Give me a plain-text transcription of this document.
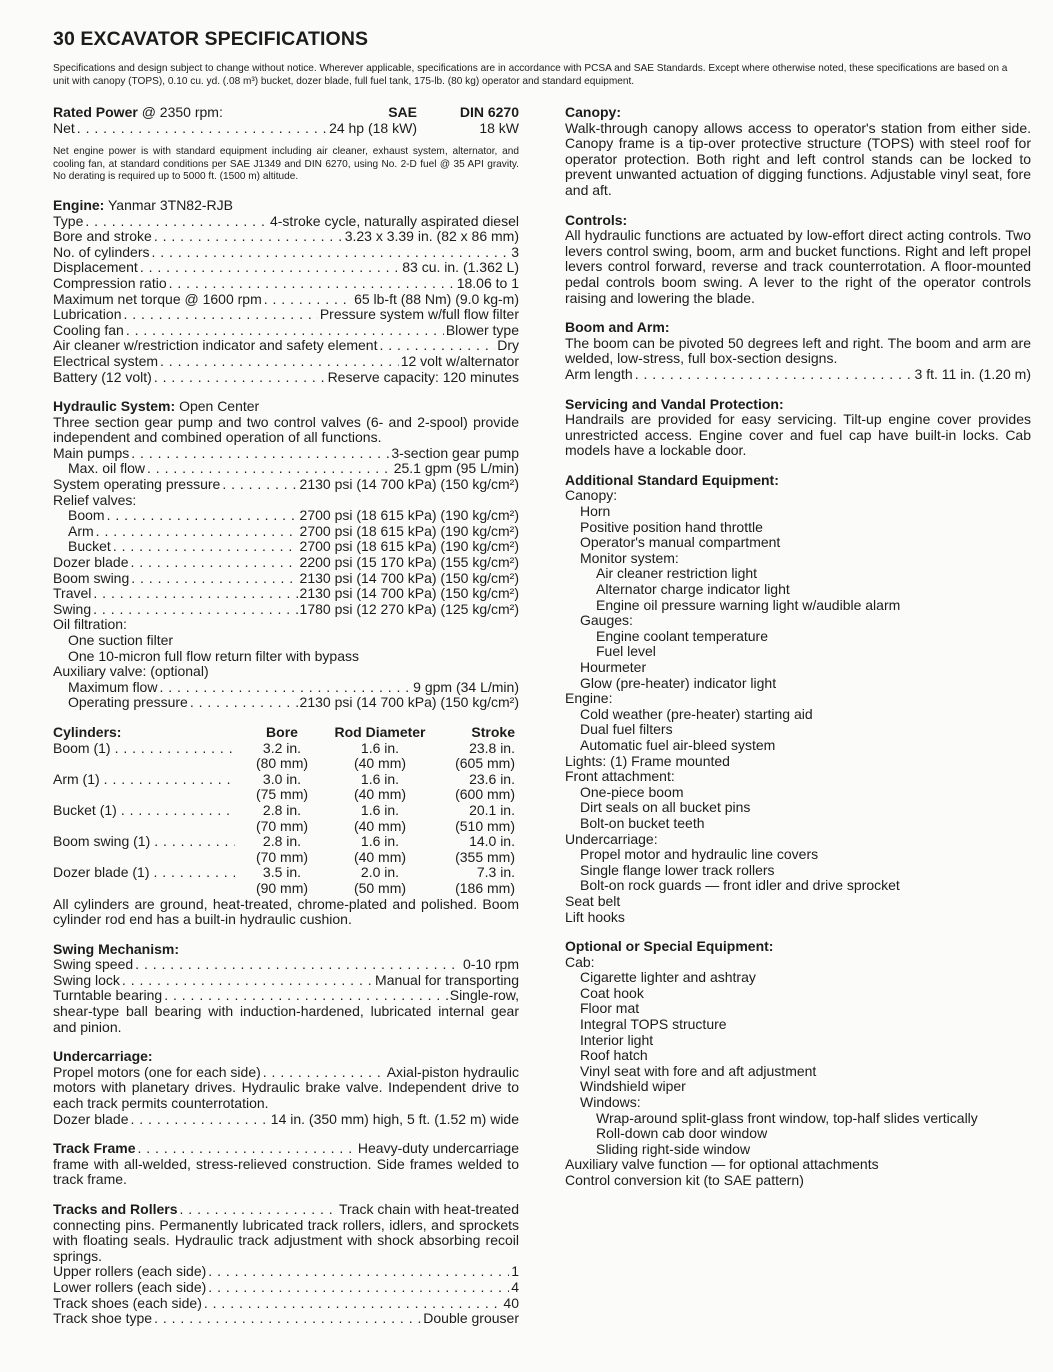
30 EXCAVATOR SPECIFICATIONS
Specifications and design subject to change without notice. Wherever applicable, specifications are in accordance with PCSA and SAE Standards. Except where otherwise noted, these specifications are based on a unit with canopy (TOPS), 0.10 cu. yd. (.08 m³) bucket, dozer blade, full fuel tank, 175-lb. (80 kg) operator and standard equipment.
Rated Power @ 2350 rpm:	SAE	DIN 6270
Net . . .	24 hp (18 kW)	18 kW
Net engine power is with standard equipment including air cleaner, exhaust system, alternator, and cooling fan, at standard conditions per SAE J1349 and DIN 6270, using No. 2-D fuel @ 35 API gravity. No derating is required up to 5000 ft. (1500 m) altitude.
Engine: Yanmar 3TN82-RJB
Type . . .	4-stroke cycle, naturally aspirated diesel
Bore and stroke . . .	3.23 x 3.39 in. (82 x 86 mm)
No. of cylinders . . .	3
Displacement . . .	83 cu. in. (1.362 L)
Compression ratio . . .	18.06 to 1
Maximum net torque @ 1600 rpm . . .	65 lb-ft (88 Nm) (9.0 kg-m)
Lubrication . . .	Pressure system w/full flow filter
Cooling fan . . .	Blower type
Air cleaner w/restriction indicator and safety element . . .	Dry
Electrical system . . .	12 volt w/alternator
Battery (12 volt) . . .	Reserve capacity: 120 minutes
Hydraulic System: Open Center
Three section gear pump and two control valves (6- and 2-spool) provide independent and combined operation of all functions.
Main pumps . . .	3-section gear pump
Max. oil flow . . .	25.1 gpm (95 L/min)
System operating pressure . . .	2130 psi (14 700 kPa) (150 kg/cm²)
Relief valves:
Boom . . .	2700 psi (18 615 kPa) (190 kg/cm²)
Arm . . .	2700 psi (18 615 kPa) (190 kg/cm²)
Bucket . . .	2700 psi (18 615 kPa) (190 kg/cm²)
Dozer blade . . .	2200 psi (15 170 kPa) (155 kg/cm²)
Boom swing . . .	2130 psi (14 700 kPa) (150 kg/cm²)
Travel . . .	2130 psi (14 700 kPa) (150 kg/cm²)
Swing . . .	1780 psi (12 270 kPa) (125 kg/cm²)
Oil filtration:
One suction filter
One 10-micron full flow return filter with bypass
Auxiliary valve: (optional)
Maximum flow . . .	9 gpm (34 L/min)
Operating pressure . . .	2130 psi (14 700 kPa) (150 kg/cm²)
Cylinders:	Bore	Rod Diameter	Stroke
Boom (1) . . .	3.2 in.	1.6 in.	23.8 in.
(80 mm)	(40 mm)	(605 mm)
Arm (1) . . .	3.0 in.	1.6 in.	23.6 in.
(75 mm)	(40 mm)	(600 mm)
Bucket (1) . . .	2.8 in.	1.6 in.	20.1 in.
(70 mm)	(40 mm)	(510 mm)
Boom swing (1) . . .	2.8 in.	1.6 in.	14.0 in.
(70 mm)	(40 mm)	(355 mm)
Dozer blade (1) . . .	3.5 in.	2.0 in.	7.3 in.
(90 mm)	(50 mm)	(186 mm)
All cylinders are ground, heat-treated, chrome-plated and polished. Boom cylinder rod end has a built-in hydraulic cushion.
Swing Mechanism:
Swing speed . . .	0-10 rpm
Swing lock . . .	Manual for transporting
Turntable bearing . . .	Single-row,
shear-type ball bearing with induction-hardened, lubricated internal gear and pinion.
Undercarriage:
Propel motors (one for each side) . . .	Axial-piston hydraulic
motors with planetary drives. Hydraulic brake valve. Independent drive to each track permits counterrotation.
Dozer blade . . .	14 in. (350 mm) high, 5 ft. (1.52 m) wide
Track Frame . . .	Heavy-duty undercarriage
frame with all-welded, stress-relieved construction. Side frames welded to track frame.
Tracks and Rollers . . .	Track chain with heat-treated
connecting pins. Permanently lubricated track rollers, idlers, and sprockets with floating seals. Hydraulic track adjustment with shock absorbing recoil springs.
Upper rollers (each side) . . .	1
Lower rollers (each side) . . .	4
Track shoes (each side) . . .	40
Track shoe type . . .	Double grouser
Canopy:
Walk-through canopy allows access to operator's station from either side. Canopy frame is a tip-over protective structure (TOPS) with steel roof for operator protection. Both right and left control stands can be locked to prevent unwanted actuation of digging functions. Adjustable vinyl seat, fore and aft.
Controls:
All hydraulic functions are actuated by low-effort direct acting controls. Two levers control swing, boom, arm and bucket functions. Right and left propel levers control forward, reverse and track counterrotation. A floor-mounted pedal controls boom swing. A lever to the right of the operator controls raising and lowering the blade.
Boom and Arm:
The boom can be pivoted 50 degrees left and right. The boom and arm are welded, low-stress, full box-section designs.
Arm length . . .	3 ft. 11 in. (1.20 m)
Servicing and Vandal Protection:
Handrails are provided for easy servicing. Tilt-up engine cover provides unrestricted access. Engine cover and fuel cap have built-in locks. Cab models have a lockable door.
Additional Standard Equipment:
Canopy:
Horn
Positive position hand throttle
Operator's manual compartment
Monitor system:
Air cleaner restriction light
Alternator charge indicator light
Engine oil pressure warning light w/audible alarm
Gauges:
Engine coolant temperature
Fuel level
Hourmeter
Glow (pre-heater) indicator light
Engine:
Cold weather (pre-heater) starting aid
Dual fuel filters
Automatic fuel air-bleed system
Lights: (1) Frame mounted
Front attachment:
One-piece boom
Dirt seals on all bucket pins
Bolt-on bucket teeth
Undercarriage:
Propel motor and hydraulic line covers
Single flange lower track rollers
Bolt-on rock guards — front idler and drive sprocket
Seat belt
Lift hooks
Optional or Special Equipment:
Cab:
Cigarette lighter and ashtray
Coat hook
Floor mat
Integral TOPS structure
Interior light
Roof hatch
Vinyl seat with fore and aft adjustment
Windshield wiper
Windows:
Wrap-around split-glass front window, top-half slides vertically
Roll-down cab door window
Sliding right-side window
Auxiliary valve function — for optional attachments
Control conversion kit (to SAE pattern)
